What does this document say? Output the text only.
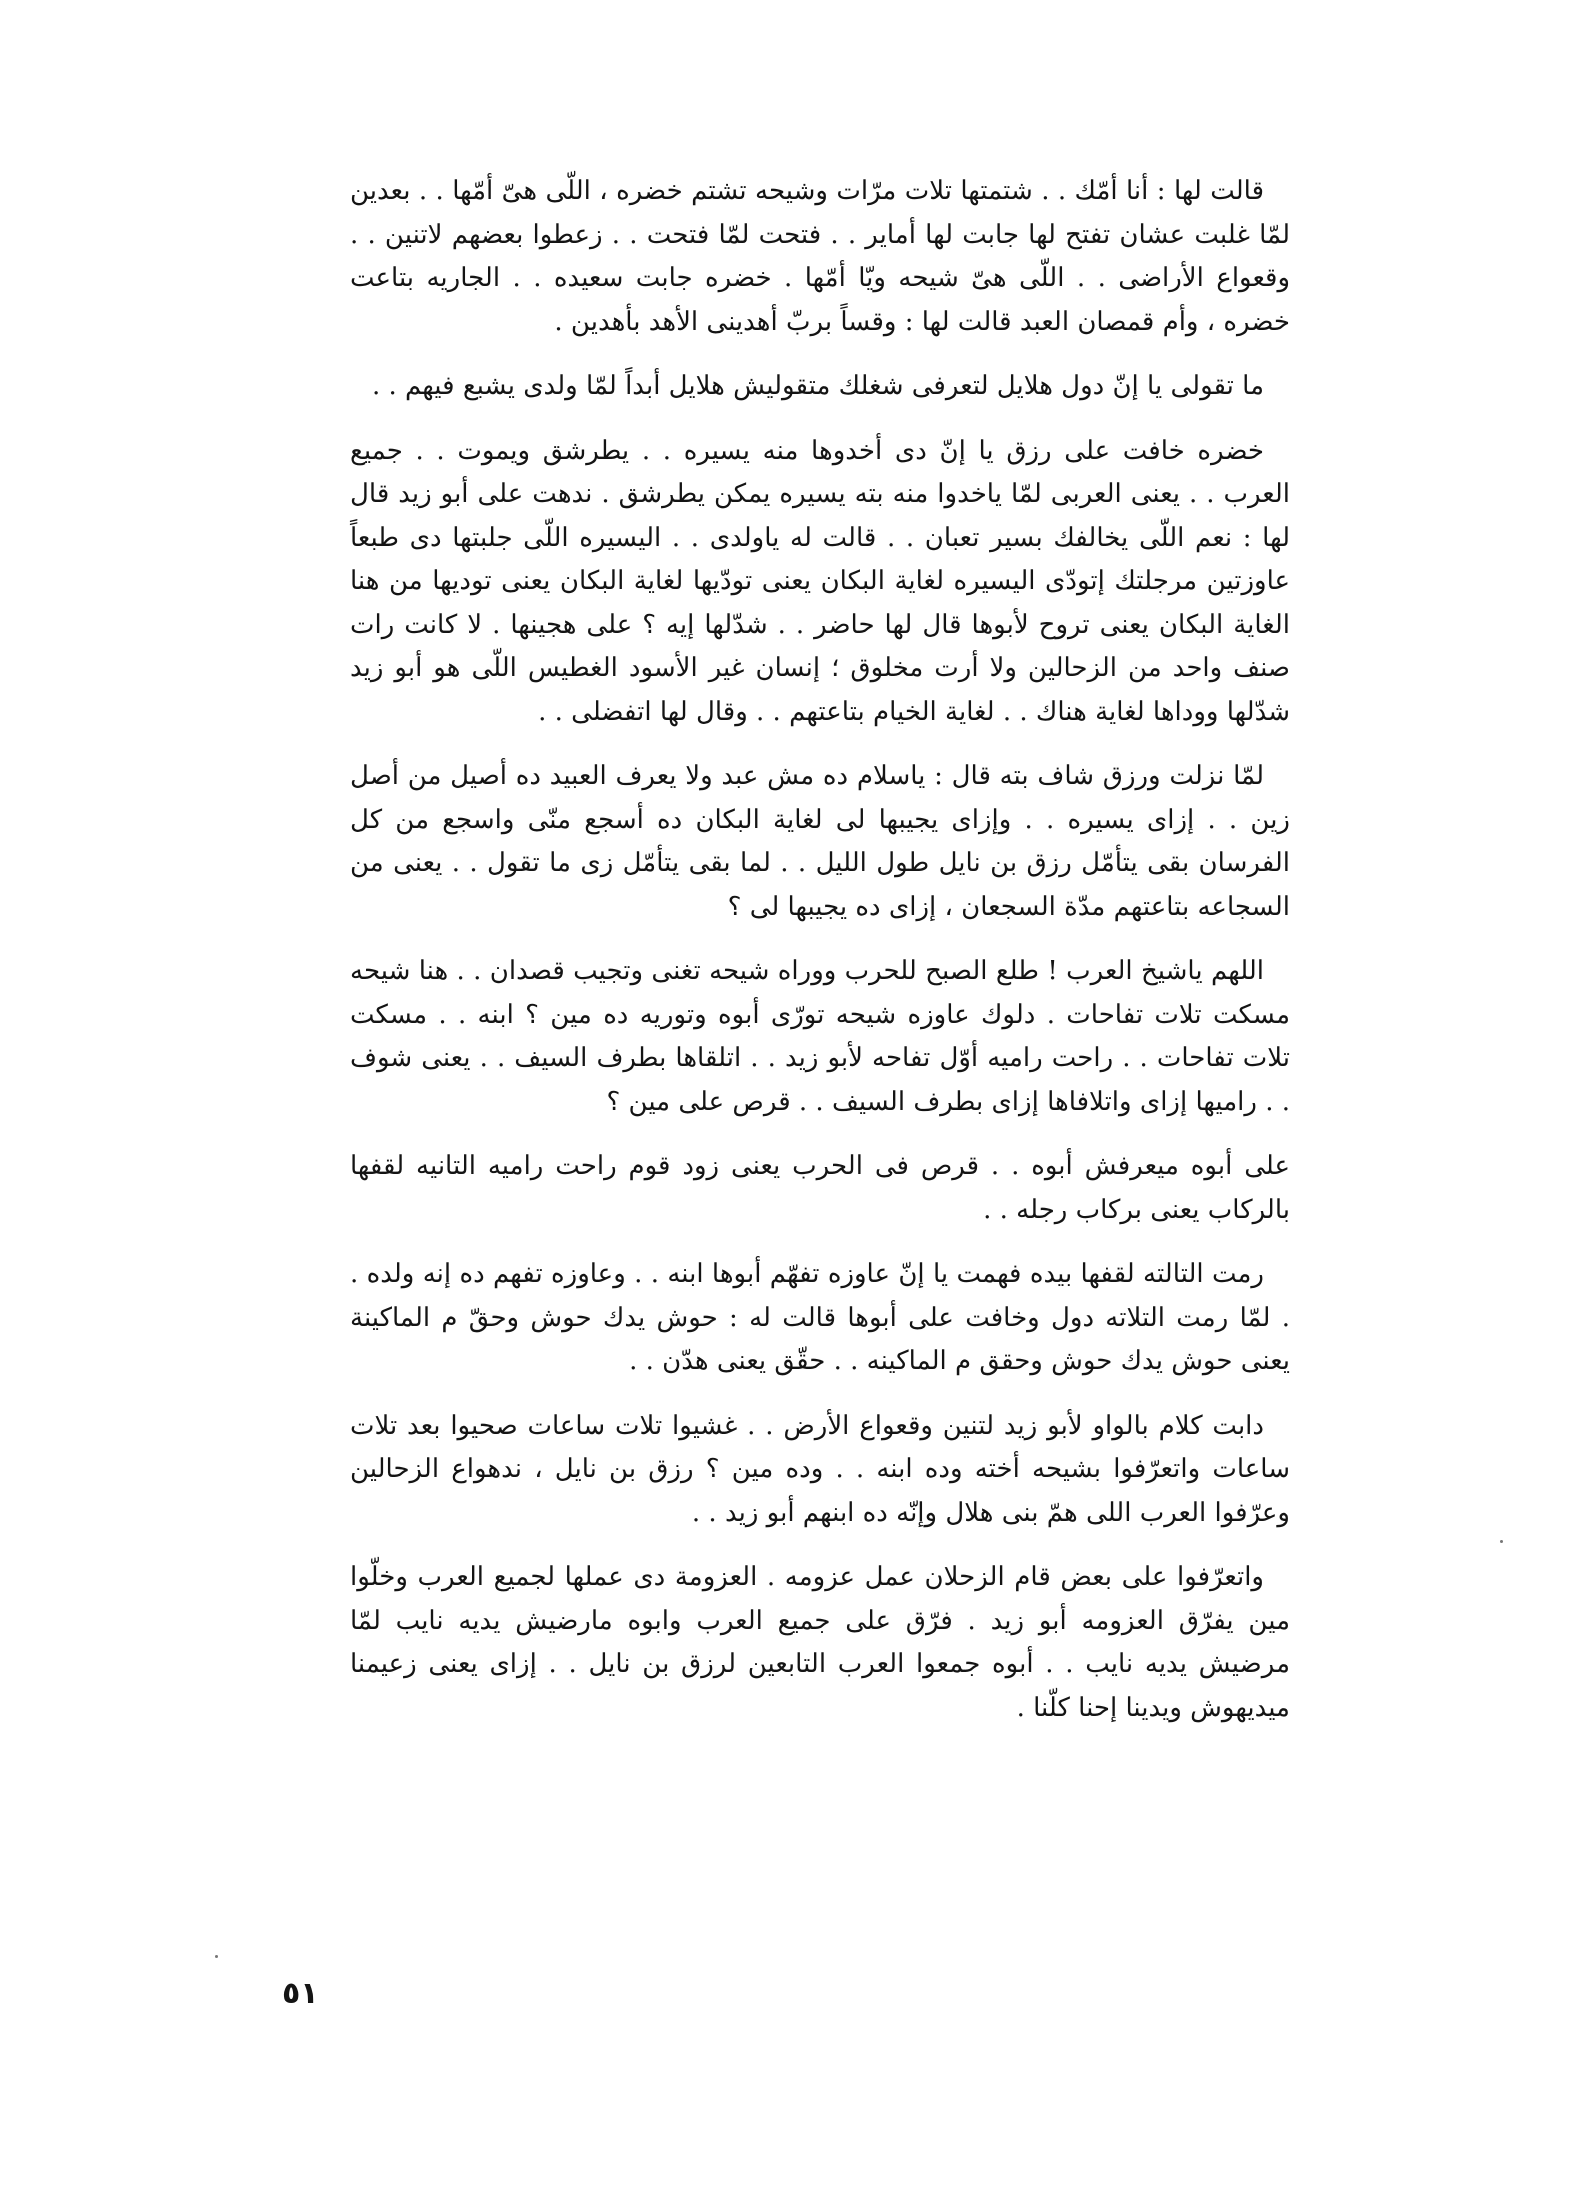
قالت لها : أنا أمّك . . شتمتها تلات مرّات وشيحه تشتم خضره ، اللّى هىّ أمّها . . بعدين لمّا غلبت عشان تفتح لها جابت لها أماير . . فتحت لمّا فتحت . . زعطوا بعضهم لاتنين . . وقعواع الأراضى . . اللّى هىّ شيحه ويّا أمّها . خضره جابت سعيده . . الجاريه بتاعت خضره ، وأم قمصان العبد قالت لها : وقساً بربّ أهدينى الأهد بأهدين .

ما تقولى يا إنّ دول هلايل لتعرفى شغلك متقوليش هلايل أبداً لمّا ولدى يشبع فيهم . .

خضره خافت على رزق يا إنّ دى أخدوها منه يسيره . . يطرشق ويموت . . جميع العرب . . يعنى العربى لمّا ياخدوا منه بته يسيره يمكن يطرشق . ندهت على أبو زيد قال لها : نعم اللّى يخالفك بسير تعبان . . قالت له ياولدى . . اليسيره اللّى جلبتها دى طبعاً عاوزتين مرجلتك إتودّى اليسيره لغاية البكان يعنى تودّيها لغاية البكان يعنى توديها من هنا الغاية البكان يعنى تروح لأبوها قال لها حاضر . . شدّلها إيه ؟ على هجينها . لا كانت رات صنف واحد من الزحالين ولا أرت مخلوق ؛ إنسان غير الأسود الغطيس اللّى هو أبو زيد شدّلها ووداها لغاية هناك . . لغاية الخيام بتاعتهم . . وقال لها اتفضلى . .

لمّا نزلت ورزق شاف بته قال : ياسلام ده مش عبد ولا يعرف العبيد ده أصيل من أصل زين . . إزاى يسيره . . وإزاى يجيبها لى لغاية البكان ده أسجع منّى واسجع من كل الفرسان بقى يتأمّل رزق بن نايل طول الليل . . لما بقى يتأمّل زى ما تقول . . يعنى من السجاعه بتاعتهم مدّة السجعان ، إزاى ده يجيبها لى ؟

اللهم ياشيخ العرب ! طلع الصبح للحرب ووراه شيحه تغنى وتجيب قصدان . . هنا شيحه مسكت تلات تفاحات . دلوك عاوزه شيحه تورّى أبوه وتوريه ده مين ؟ ابنه . . مسكت تلات تفاحات . . راحت راميه أوّل تفاحه لأبو زيد . . اتلقاها بطرف السيف . . يعنى شوف . . راميها إزاى واتلافاها إزاى بطرف السيف . . قرص على مين ؟

على أبوه ميعرفش أبوه . . قرص فى الحرب يعنى زود قوم راحت راميه التانيه لقفها بالركاب يعنى بركاب رجله . .

رمت التالته لقفها بيده فهمت يا إنّ عاوزه تفهّم أبوها ابنه . . وعاوزه تفهم ده إنه ولده . . لمّا رمت التلاته دول وخافت على أبوها قالت له : حوش يدك حوش وحقّ م الماكينة يعنى حوش يدك حوش وحقق م الماكينه . . حقّق يعنى هدّن . .

دابت كلام بالواو لأبو زيد لتنين وقعواع الأرض . . غشيوا تلات ساعات صحيوا بعد تلات ساعات واتعرّفوا بشيحه أخته وده ابنه . . وده مين ؟ رزق بن نايل ، ندهواع الزحالين وعرّفوا العرب اللى همّ بنى هلال وإنّه ده ابنهم أبو زيد . .

واتعرّفوا على بعض قام الزحلان عمل عزومه . العزومة دى عملها لجميع العرب وخلّوا مين يفرّق العزومه أبو زيد . فرّق على جميع العرب وابوه مارضيش يديه نايب لمّا مرضيش يديه نايب . . أبوه جمعوا العرب التابعين لرزق بن نايل . . إزاى يعنى زعيمنا ميديهوش ويدينا إحنا كلّنا .

٥١
